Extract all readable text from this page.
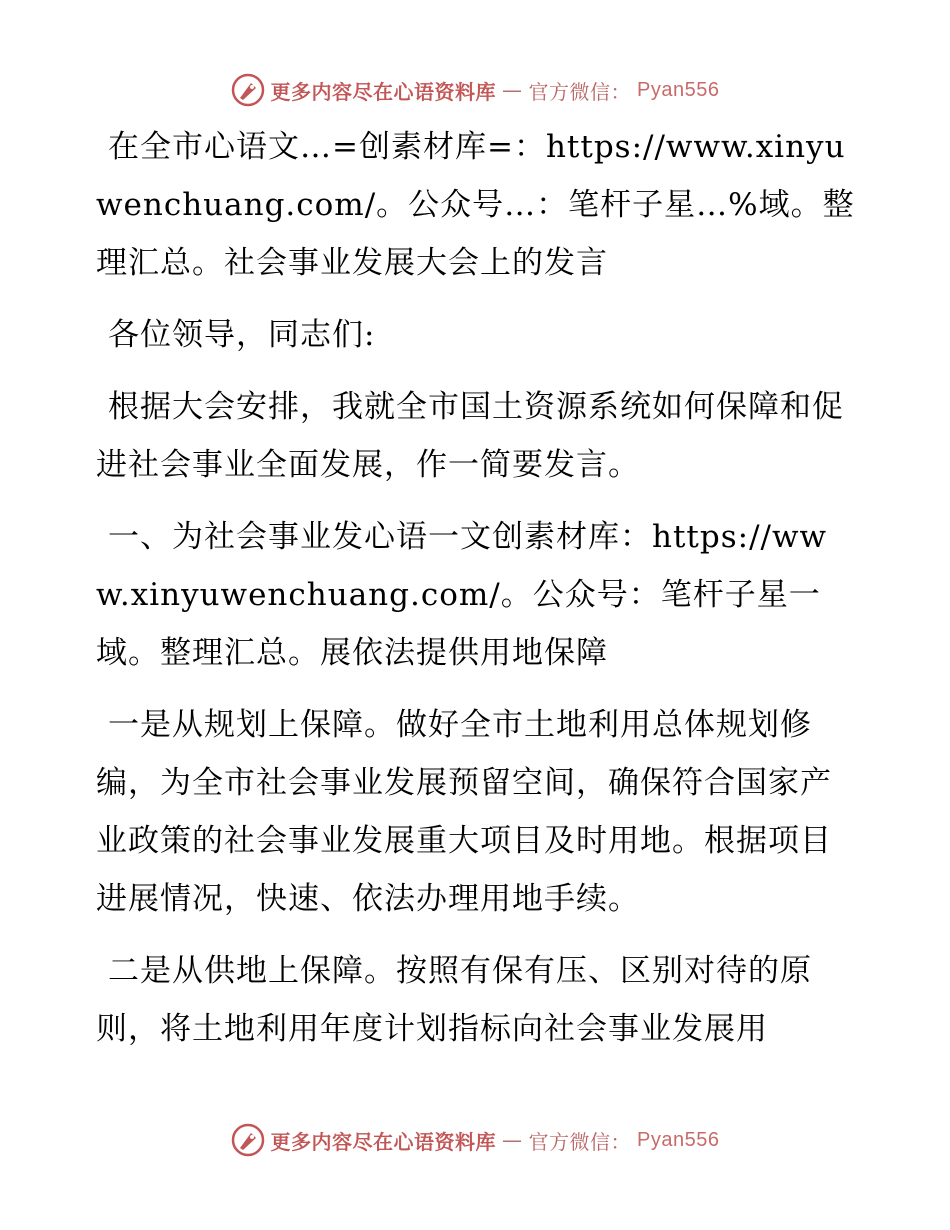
更多内容尽在心语资料库 — 官方微信： Pyan556

在全市心语文…=创素材库=：https://www.xinyuwenchuang.com/。公众号…：笔杆子星…%域。整理汇总。社会事业发展大会上的发言

各位领导，同志们:

根据大会安排，我就全市国土资源系统如何保障和促进社会事业全面发展，作一简要发言。

一、为社会事业发心语一文创素材库：https://www.xinyuwenchuang.com/。公众号：笔杆子星一域。整理汇总。展依法提供用地保障

一是从规划上保障。做好全市土地利用总体规划修编，为全市社会事业发展预留空间，确保符合国家产业政策的社会事业发展重大项目及时用地。根据项目进展情况，快速、依法办理用地手续。

二是从供地上保障。按照有保有压、区别对待的原则，将土地利用年度计划指标向社会事业发展用

更多内容尽在心语资料库 — 官方微信： Pyan556
